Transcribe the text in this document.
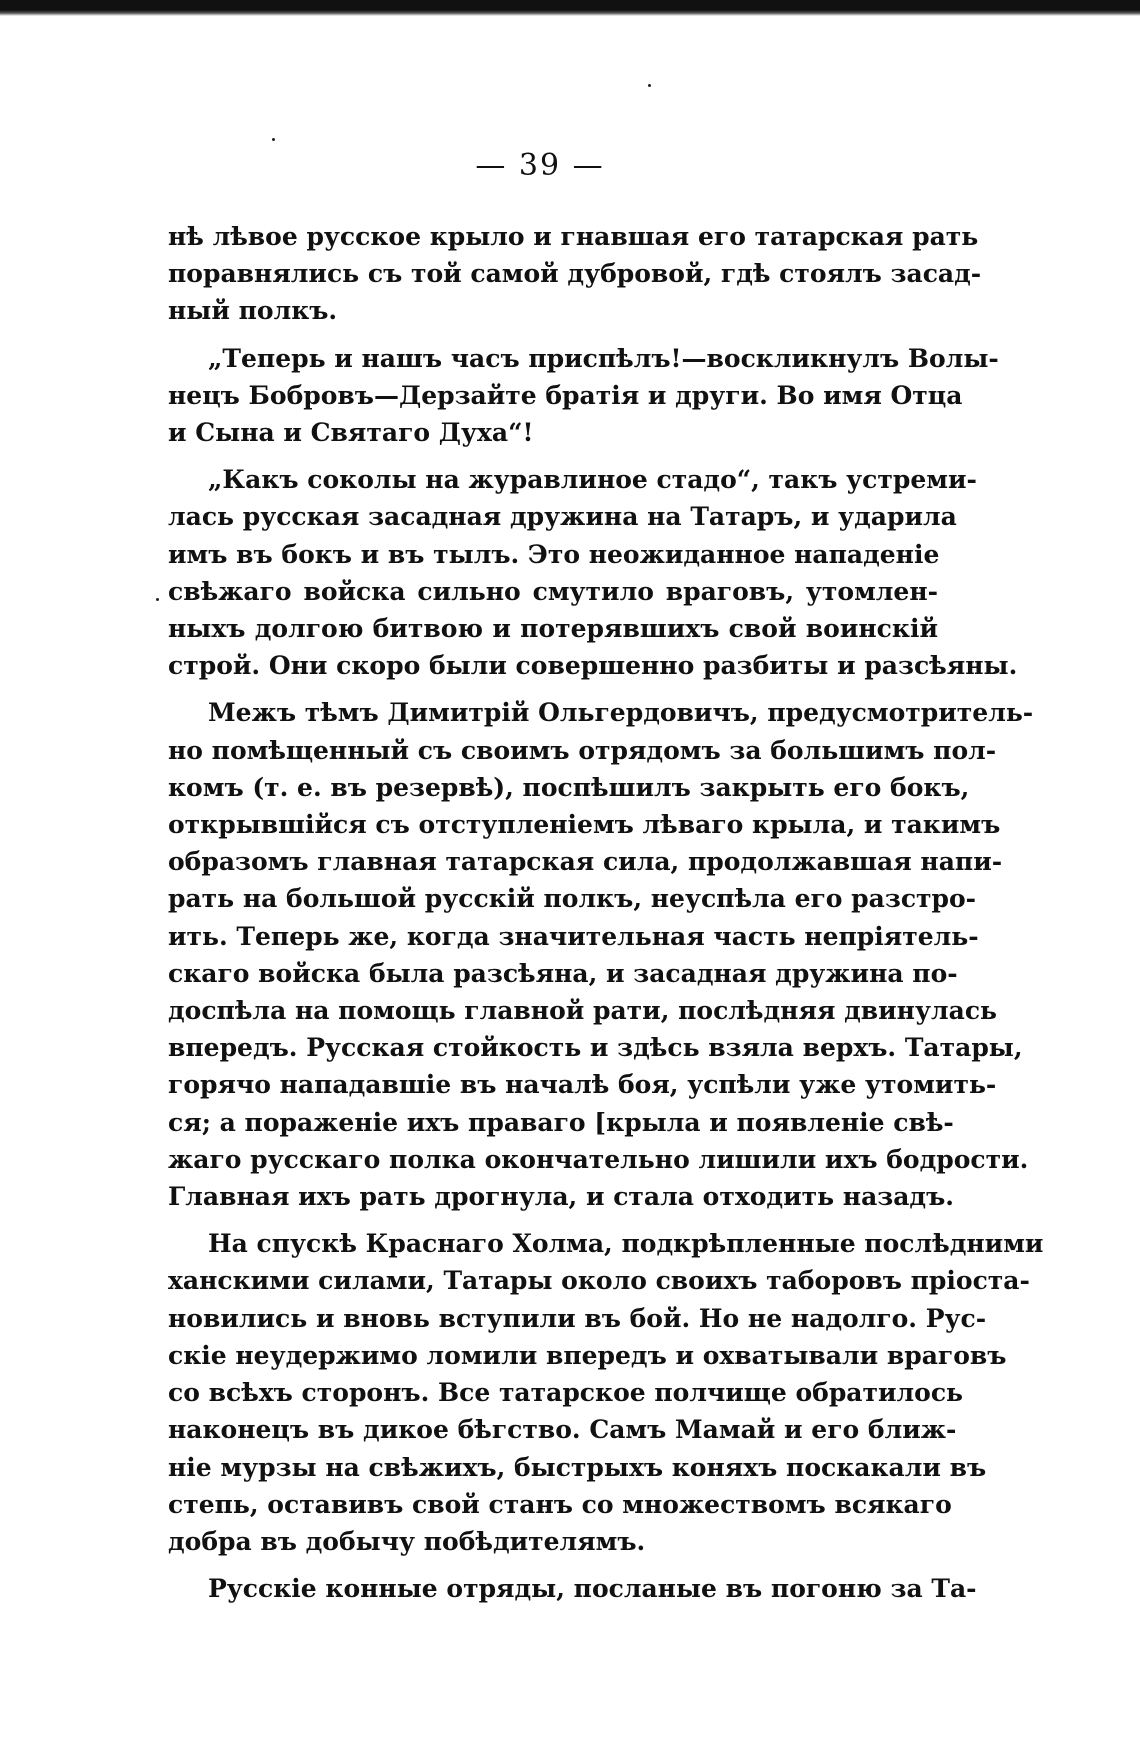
— 39 —
нѣ лѣвое русское крыло и гнавшая его татарская рать
поравнялись съ той самой дубровой, гдѣ стоялъ засад-
ный полкъ.
„Теперь и нашъ часъ приспѣлъ!—воскликнулъ Волы-
нецъ Бобровъ—Дерзайте братія и други. Во имя Отца
и Сына и Святаго Духа“!
„Какъ соколы на журавлиное стадо“, такъ устреми-
лась русская засадная дружина на Татаръ, и ударила
имъ въ бокъ и въ тылъ. Это неожиданное нападеніе
свѣжаго войска сильно смутило враговъ, утомлен-
ныхъ долгою битвою и потерявшихъ свой воинскій
строй. Они скоро были совершенно разбиты и разсѣяны.
Межъ тѣмъ Димитрій Ольгердовичъ, предусмотритель-
но помѣщенный съ своимъ отрядомъ за большимъ пол-
комъ (т. е. въ резервѣ), поспѣшилъ закрыть его бокъ,
открывшійся съ отступленіемъ лѣваго крыла, и такимъ
образомъ главная татарская сила, продолжавшая напи-
рать на большой русскій полкъ, неуспѣла его разстро-
ить. Теперь же, когда значительная часть непріятель-
скаго войска была разсѣяна, и засадная дружина по-
доспѣла на помощь главной рати, послѣдняя двинулась
впередъ. Русская стойкость и здѣсь взяла верхъ. Татары,
горячо нападавшіе въ началѣ боя, успѣли уже утомить-
ся; а пораженіе ихъ праваго [крыла и появленіе свѣ-
жаго русскаго полка окончательно лишили ихъ бодрости.
Главная ихъ рать дрогнула, и стала отходить назадъ.
На спускѣ Краснаго Холма, подкрѣпленные послѣдними
ханскими силами, Татары около своихъ таборовъ пріоста-
новились и вновь вступили въ бой. Но не надолго. Рус-
скіе неудержимо ломили впередъ и охватывали враговъ
со всѣхъ сторонъ. Все татарское полчище обратилось
наконецъ въ дикое бѣгство. Самъ Мамай и его ближ-
ніе мурзы на свѣжихъ, быстрыхъ коняхъ поскакали въ
степь, оставивъ свой станъ со множествомъ всякаго
добра въ добычу побѣдителямъ.
Русскіе конные отряды, посланые въ погоню за Та-
